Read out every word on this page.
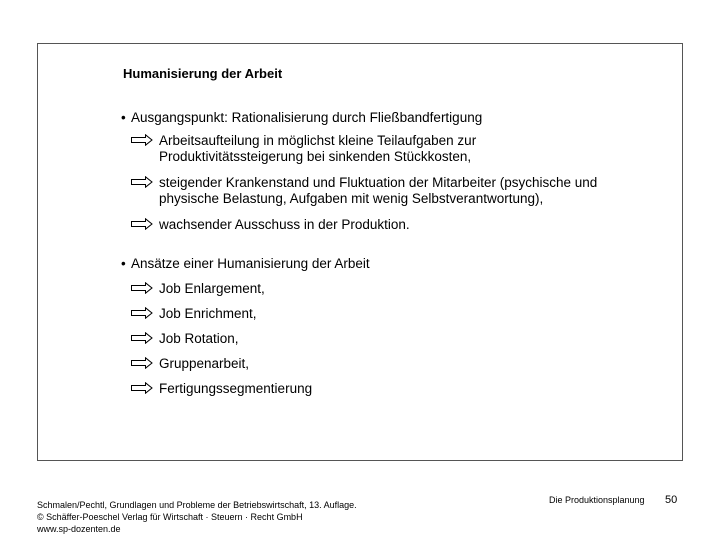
Humanisierung der Arbeit
• Ausgangspunkt: Rationalisierung durch Fließbandfertigung
Arbeitsaufteilung in möglichst kleine Teilaufgaben zur
Produktivitätssteigerung bei sinkenden Stückkosten,
steigender Krankenstand und Fluktuation der Mitarbeiter (psychische und
physische Belastung, Aufgaben mit wenig Selbstverantwortung),
wachsender Ausschuss in der Produktion.
• Ansätze einer Humanisierung der Arbeit
Job Enlargement,
Job Enrichment,
Job Rotation,
Gruppenarbeit,
Fertigungssegmentierung
Schmalen/Pechtl, Grundlagen und Probleme der Betriebswirtschaft, 13. Auflage.
© Schäffer-Poeschel Verlag für Wirtschaft · Steuern · Recht GmbH
www.sp-dozenten.de
Die Produktionsplanung 50
